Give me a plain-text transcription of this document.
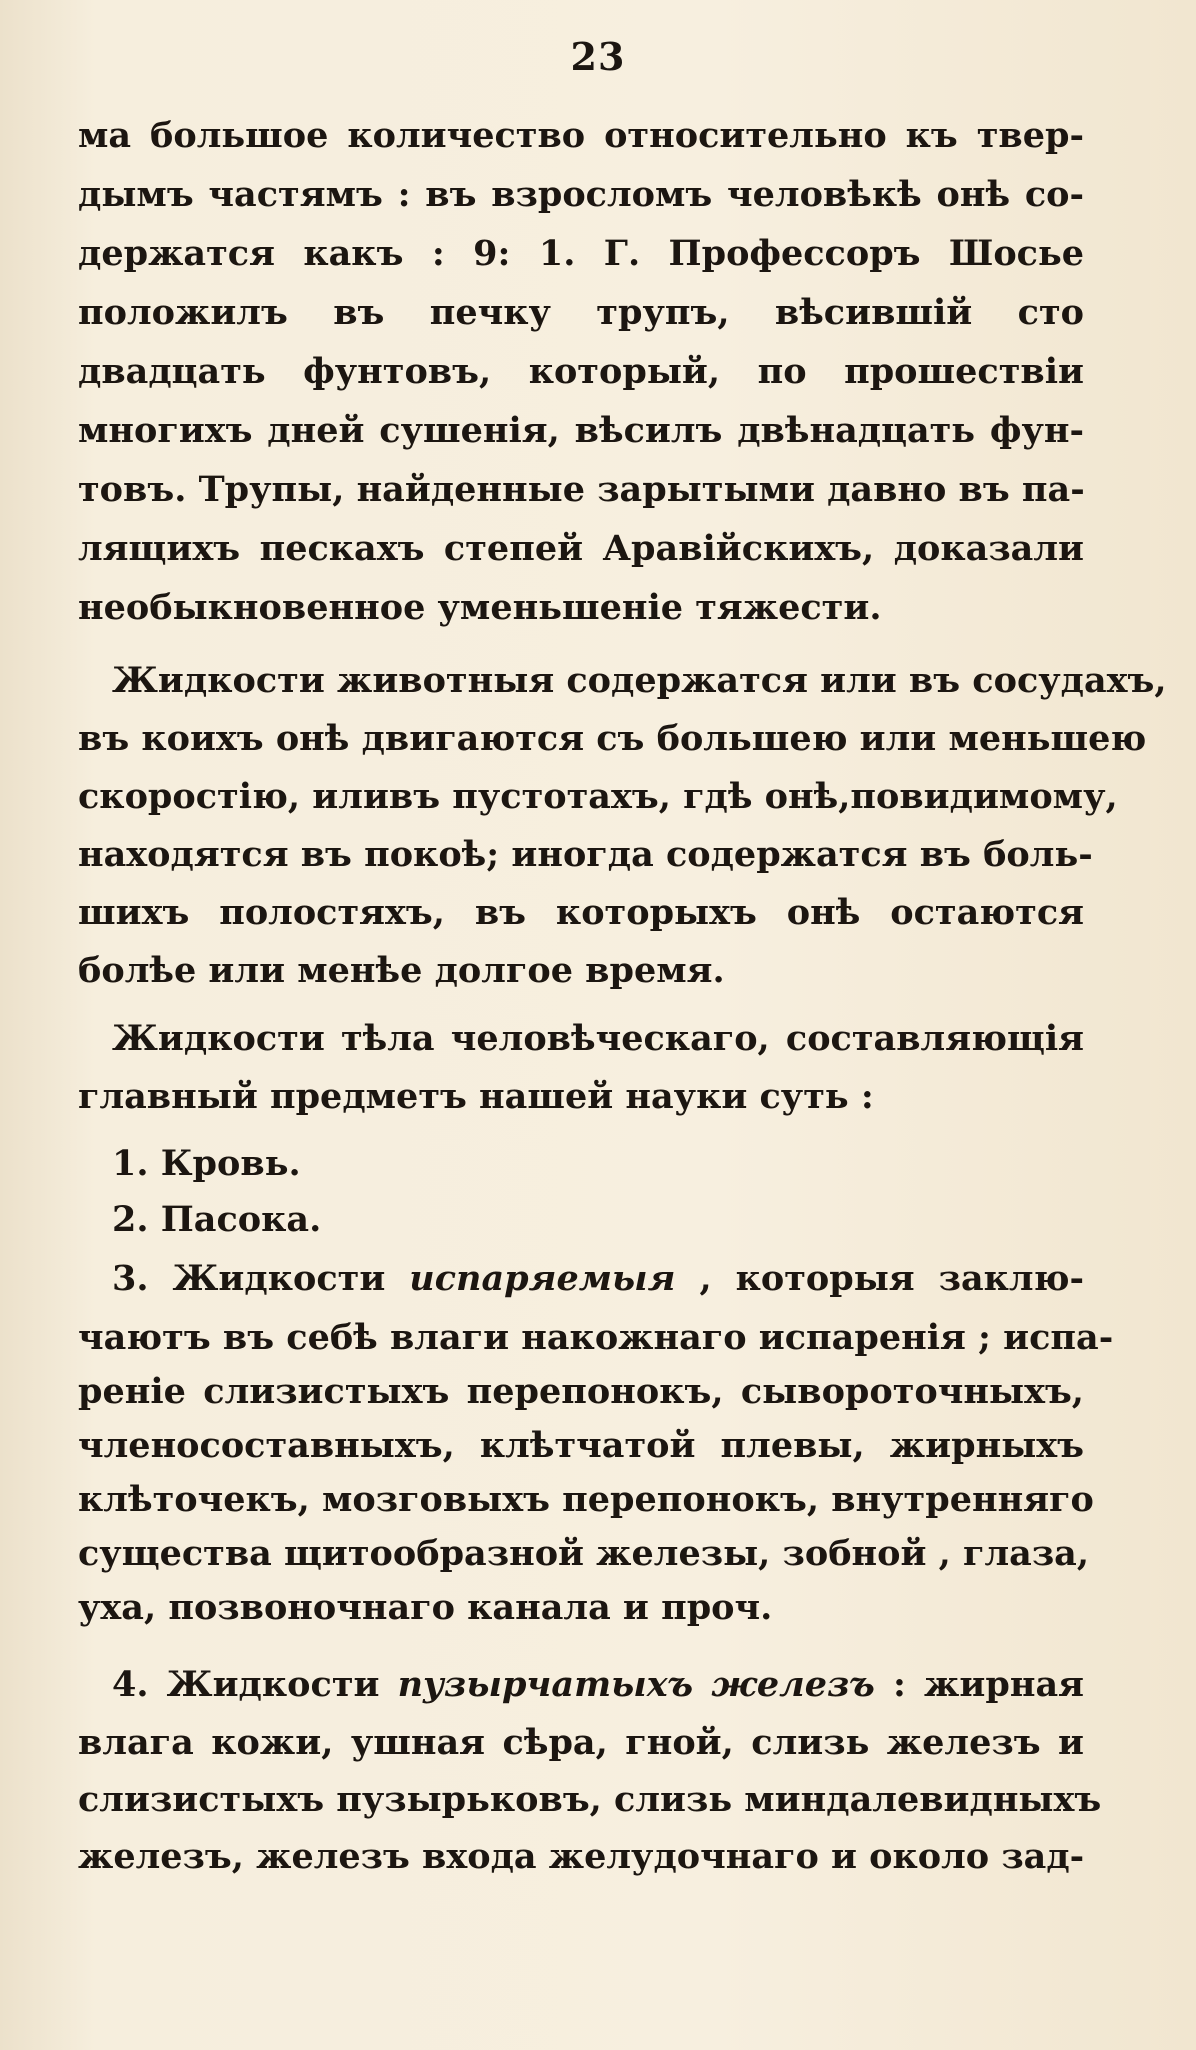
23
ма большое количество относительно къ твер-
дымъ частямъ : въ взросломъ человѣкѣ онѣ со-
держатся какъ : 9: 1. Г. Профессоръ Шосье
положилъ въ печку трупъ, вѣсившій сто
двадцать фунтовъ, который, по прошествіи
многихъ дней сушенія, вѣсилъ двѣнадцать фун-
товъ. Трупы, найденные зарытыми давно въ па-
лящихъ пескахъ степей Аравійскихъ, доказали
необыкновенное уменьшеніе тяжести.
Жидкости животныя содержатся или въ сосудахъ,
въ коихъ онѣ двигаются съ большею или меньшею
скоростію, иливъ пустотахъ, гдѣ онѣ,повидимому,
находятся въ покоѣ; иногда содержатся въ боль-
шихъ полостяхъ, въ которыхъ онѣ остаются
болѣе или менѣе долгое время.
Жидкости тѣла человѣческаго, составляющія
главный предметъ нашей науки суть :
1. Кровь.
2. Пасока.
3. Жидкости испаряемыя , которыя заклю-
чаютъ въ себѣ влаги накожнаго испаренія ; испа-
реніе слизистыхъ перепонокъ, сывороточныхъ,
членосоставныхъ, клѣтчатой плевы, жирныхъ
клѣточекъ, мозговыхъ перепонокъ, внутренняго
существа щитообразной железы, зобной , глаза,
уха, позвоночнаго канала и проч.
4. Жидкости пузырчатыхъ железъ : жирная
влага кожи, ушная сѣра, гной, слизь железъ и
слизистыхъ пузырьковъ, слизь миндалевидныхъ
железъ, железъ входа желудочнаго и около зад-
